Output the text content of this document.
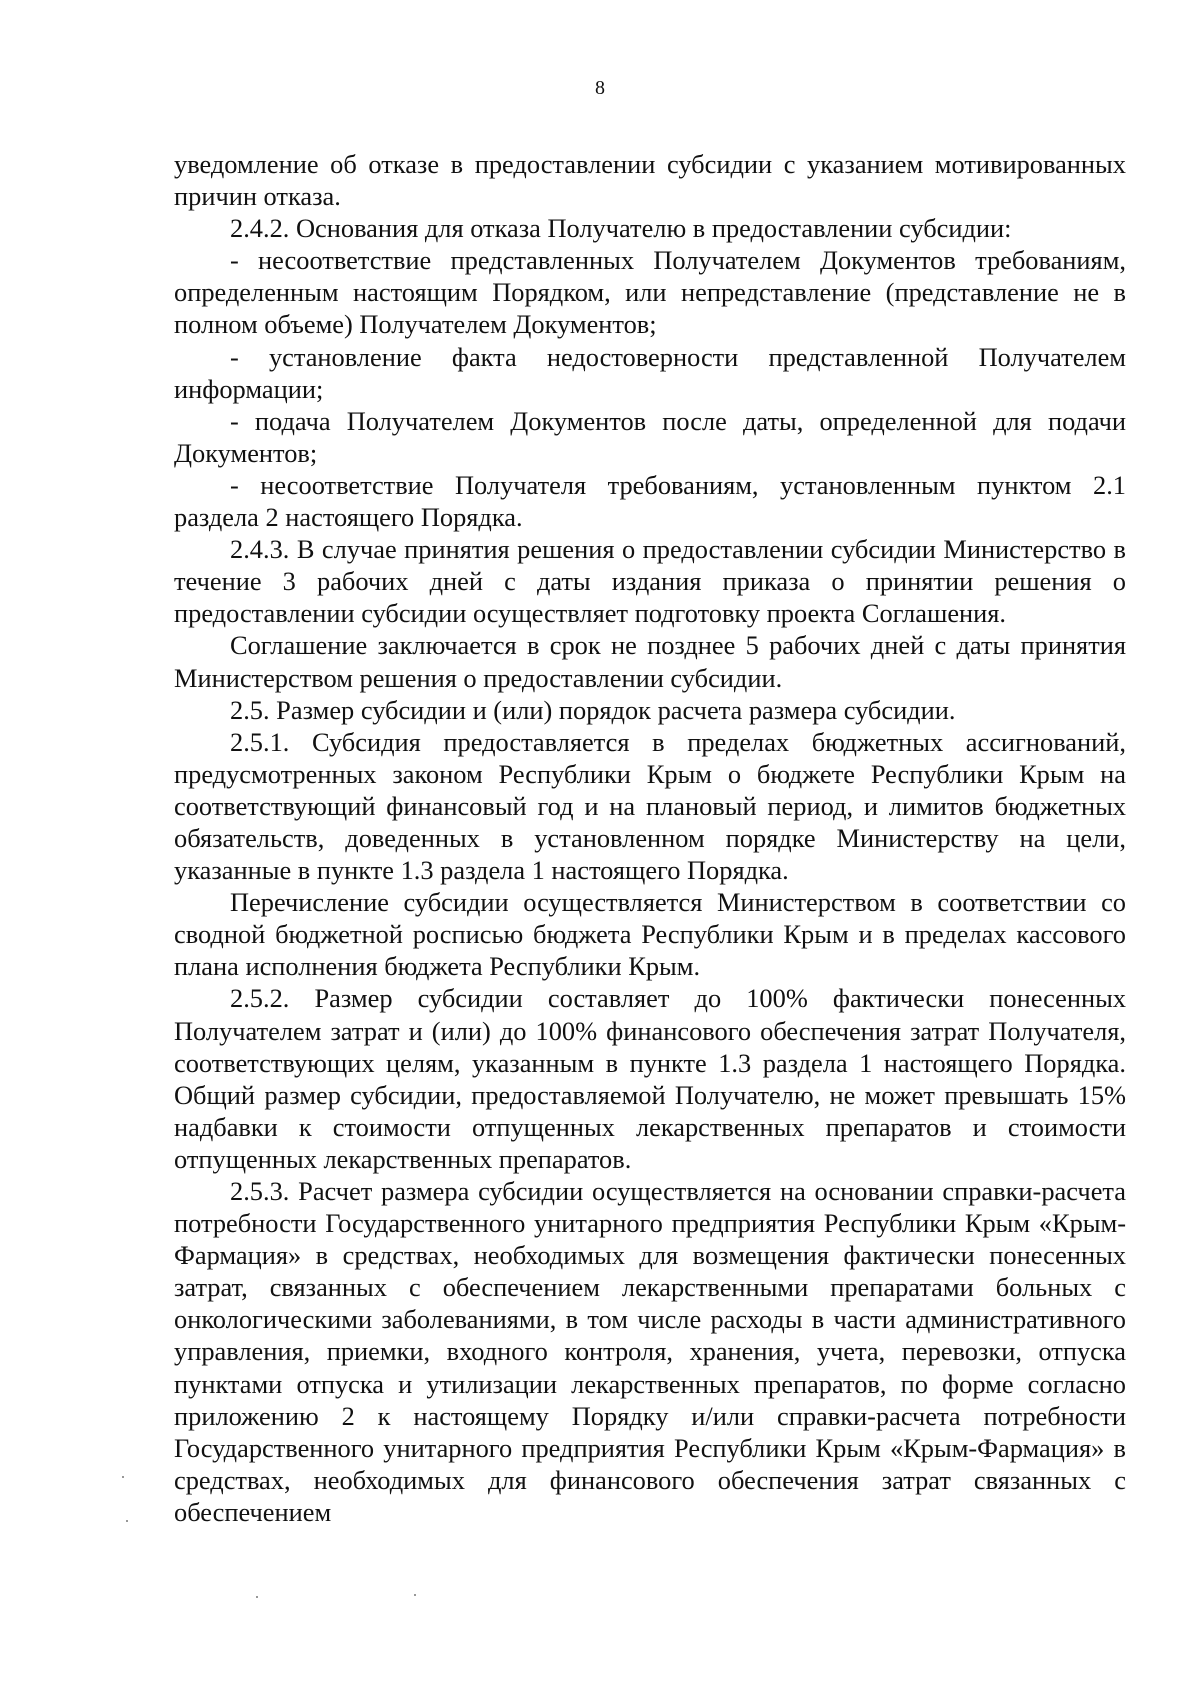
8

уведомление об отказе в предоставлении субсидии с указанием мотивированных причин отказа.

2.4.2. Основания для отказа Получателю в предоставлении субсидии:

- несоответствие представленных Получателем Документов требованиям, определенным настоящим Порядком, или непредставление (представление не в полном объеме) Получателем Документов;

- установление факта недостоверности представленной Получателем информации;

- подача Получателем Документов после даты, определенной для подачи Документов;

- несоответствие Получателя требованиям, установленным пунктом 2.1 раздела 2 настоящего Порядка.

2.4.3. В случае принятия решения о предоставлении субсидии Министерство в течение 3 рабочих дней с даты издания приказа о принятии решения о предоставлении субсидии осуществляет подготовку проекта Соглашения.

Соглашение заключается в срок не позднее 5 рабочих дней с даты принятия Министерством решения о предоставлении субсидии.

2.5. Размер субсидии и (или) порядок расчета размера субсидии.

2.5.1. Субсидия предоставляется в пределах бюджетных ассигнований, предусмотренных законом Республики Крым о бюджете Республики Крым на соответствующий финансовый год и на плановый период, и лимитов бюджетных обязательств, доведенных в установленном порядке Министерству на цели, указанные в пункте 1.3 раздела 1 настоящего Порядка.

Перечисление субсидии осуществляется Министерством в соответствии со сводной бюджетной росписью бюджета Республики Крым и в пределах кассового плана исполнения бюджета Республики Крым.

2.5.2. Размер субсидии составляет до 100% фактически понесенных Получателем затрат и (или) до 100% финансового обеспечения затрат Получателя, соответствующих целям, указанным в пункте 1.3 раздела 1 настоящего Порядка. Общий размер субсидии, предоставляемой Получателю, не может превышать 15% надбавки к стоимости отпущенных лекарственных препаратов и стоимости отпущенных лекарственных препаратов.

2.5.3. Расчет размера субсидии осуществляется на основании справки-расчета потребности Государственного унитарного предприятия Республики Крым «Крым-Фармация» в средствах, необходимых для возмещения фактически понесенных затрат, связанных с обеспечением лекарственными препаратами больных с онкологическими заболеваниями, в том числе расходы в части административного управления, приемки, входного контроля, хранения, учета, перевозки, отпуска пунктами отпуска и утилизации лекарственных препаратов, по форме согласно приложению 2 к настоящему Порядку и/или справки-расчета потребности Государственного унитарного предприятия Республики Крым «Крым-Фармация» в средствах, необходимых для финансового обеспечения затрат связанных с обеспечением
